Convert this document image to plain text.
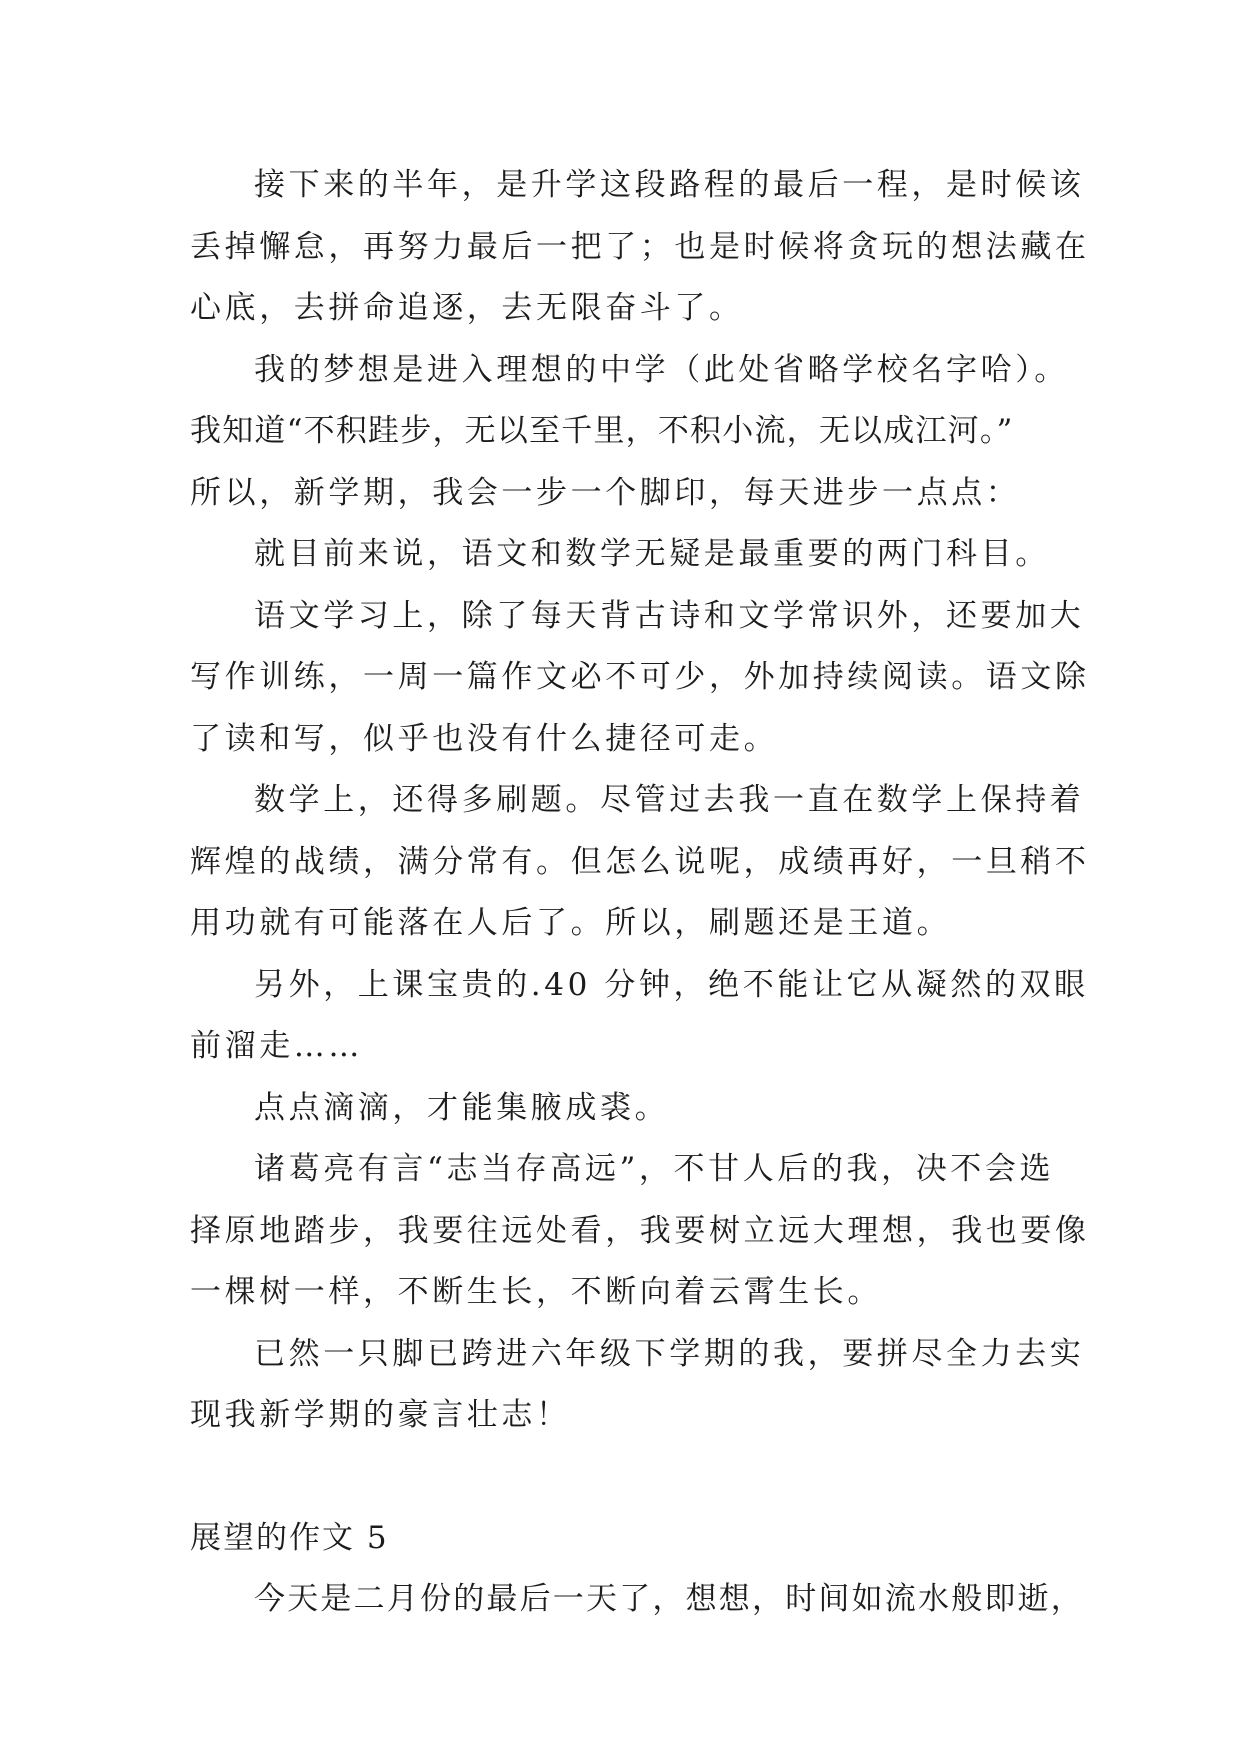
接下来的半年，是升学这段路程的最后一程，是时候该
丢掉懈怠，再努力最后一把了；也是时候将贪玩的想法藏在
心底，去拼命追逐，去无限奋斗了。

我的梦想是进入理想的中学（此处省略学校名字哈）。
我知道“不积跬步，无以至千里，不积小流，无以成江河。”
所以，新学期，我会一步一个脚印，每天进步一点点：

就目前来说，语文和数学无疑是最重要的两门科目。

语文学习上，除了每天背古诗和文学常识外，还要加大
写作训练，一周一篇作文必不可少，外加持续阅读。语文除
了读和写，似乎也没有什么捷径可走。

数学上，还得多刷题。尽管过去我一直在数学上保持着
辉煌的战绩，满分常有。但怎么说呢，成绩再好，一旦稍不
用功就有可能落在人后了。所以，刷题还是王道。

另外，上课宝贵的.40 分钟，绝不能让它从凝然的双眼
前溜走……

点点滴滴，才能集腋成裘。

诸葛亮有言“志当存高远”，不甘人后的我，决不会选
择原地踏步，我要往远处看，我要树立远大理想，我也要像
一棵树一样，不断生长，不断向着云霄生长。

已然一只脚已跨进六年级下学期的我，要拼尽全力去实
现我新学期的豪言壮志！

展望的作文 5

今天是二月份的最后一天了，想想，时间如流水般即逝，
